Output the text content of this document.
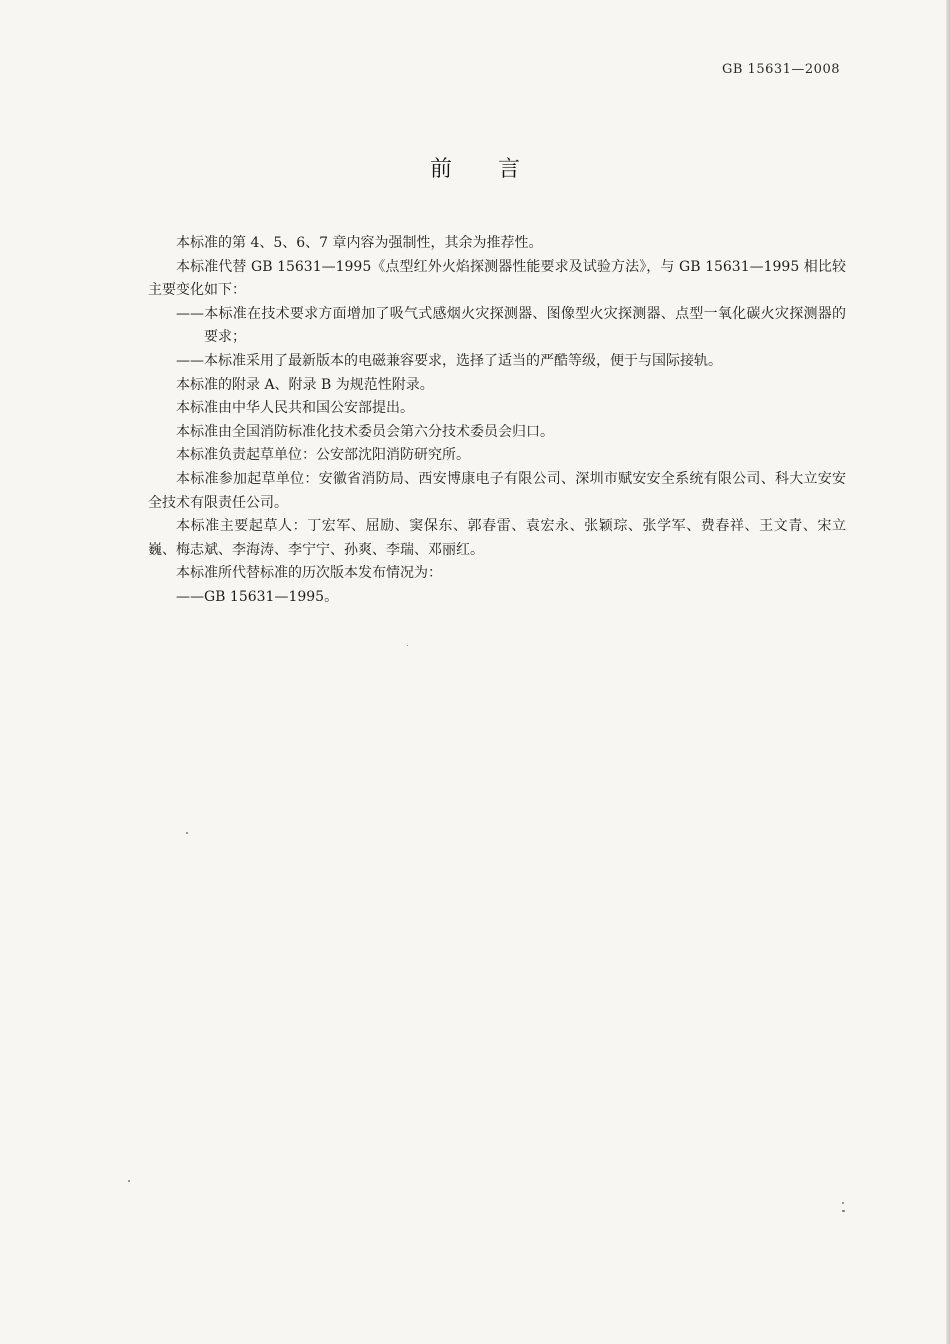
GB 15631—2008
前言

本标准的第 4、5、6、7 章内容为强制性，其余为推荐性。

本标准代替 GB 15631—1995《点型红外火焰探测器性能要求及试验方法》，与 GB 15631—1995 相比较主要变化如下：

——本标准在技术要求方面增加了吸气式感烟火灾探测器、图像型火灾探测器、点型一氧化碳火灾探测器的要求；

——本标准采用了最新版本的电磁兼容要求，选择了适当的严酷等级，便于与国际接轨。

本标准的附录 A、附录 B 为规范性附录。

本标准由中华人民共和国公安部提出。

本标准由全国消防标准化技术委员会第六分技术委员会归口。

本标准负责起草单位：公安部沈阳消防研究所。

本标准参加起草单位：安徽省消防局、西安博康电子有限公司、深圳市赋安安全系统有限公司、科大立安安全技术有限责任公司。

本标准主要起草人：丁宏军、屈励、窦保东、郭春雷、袁宏永、张颖琮、张学军、费春祥、王文青、宋立巍、梅志斌、李海涛、李宁宁、孙爽、李瑞、邓丽红。

本标准所代替标准的历次版本发布情况为：

——GB 15631—1995。
